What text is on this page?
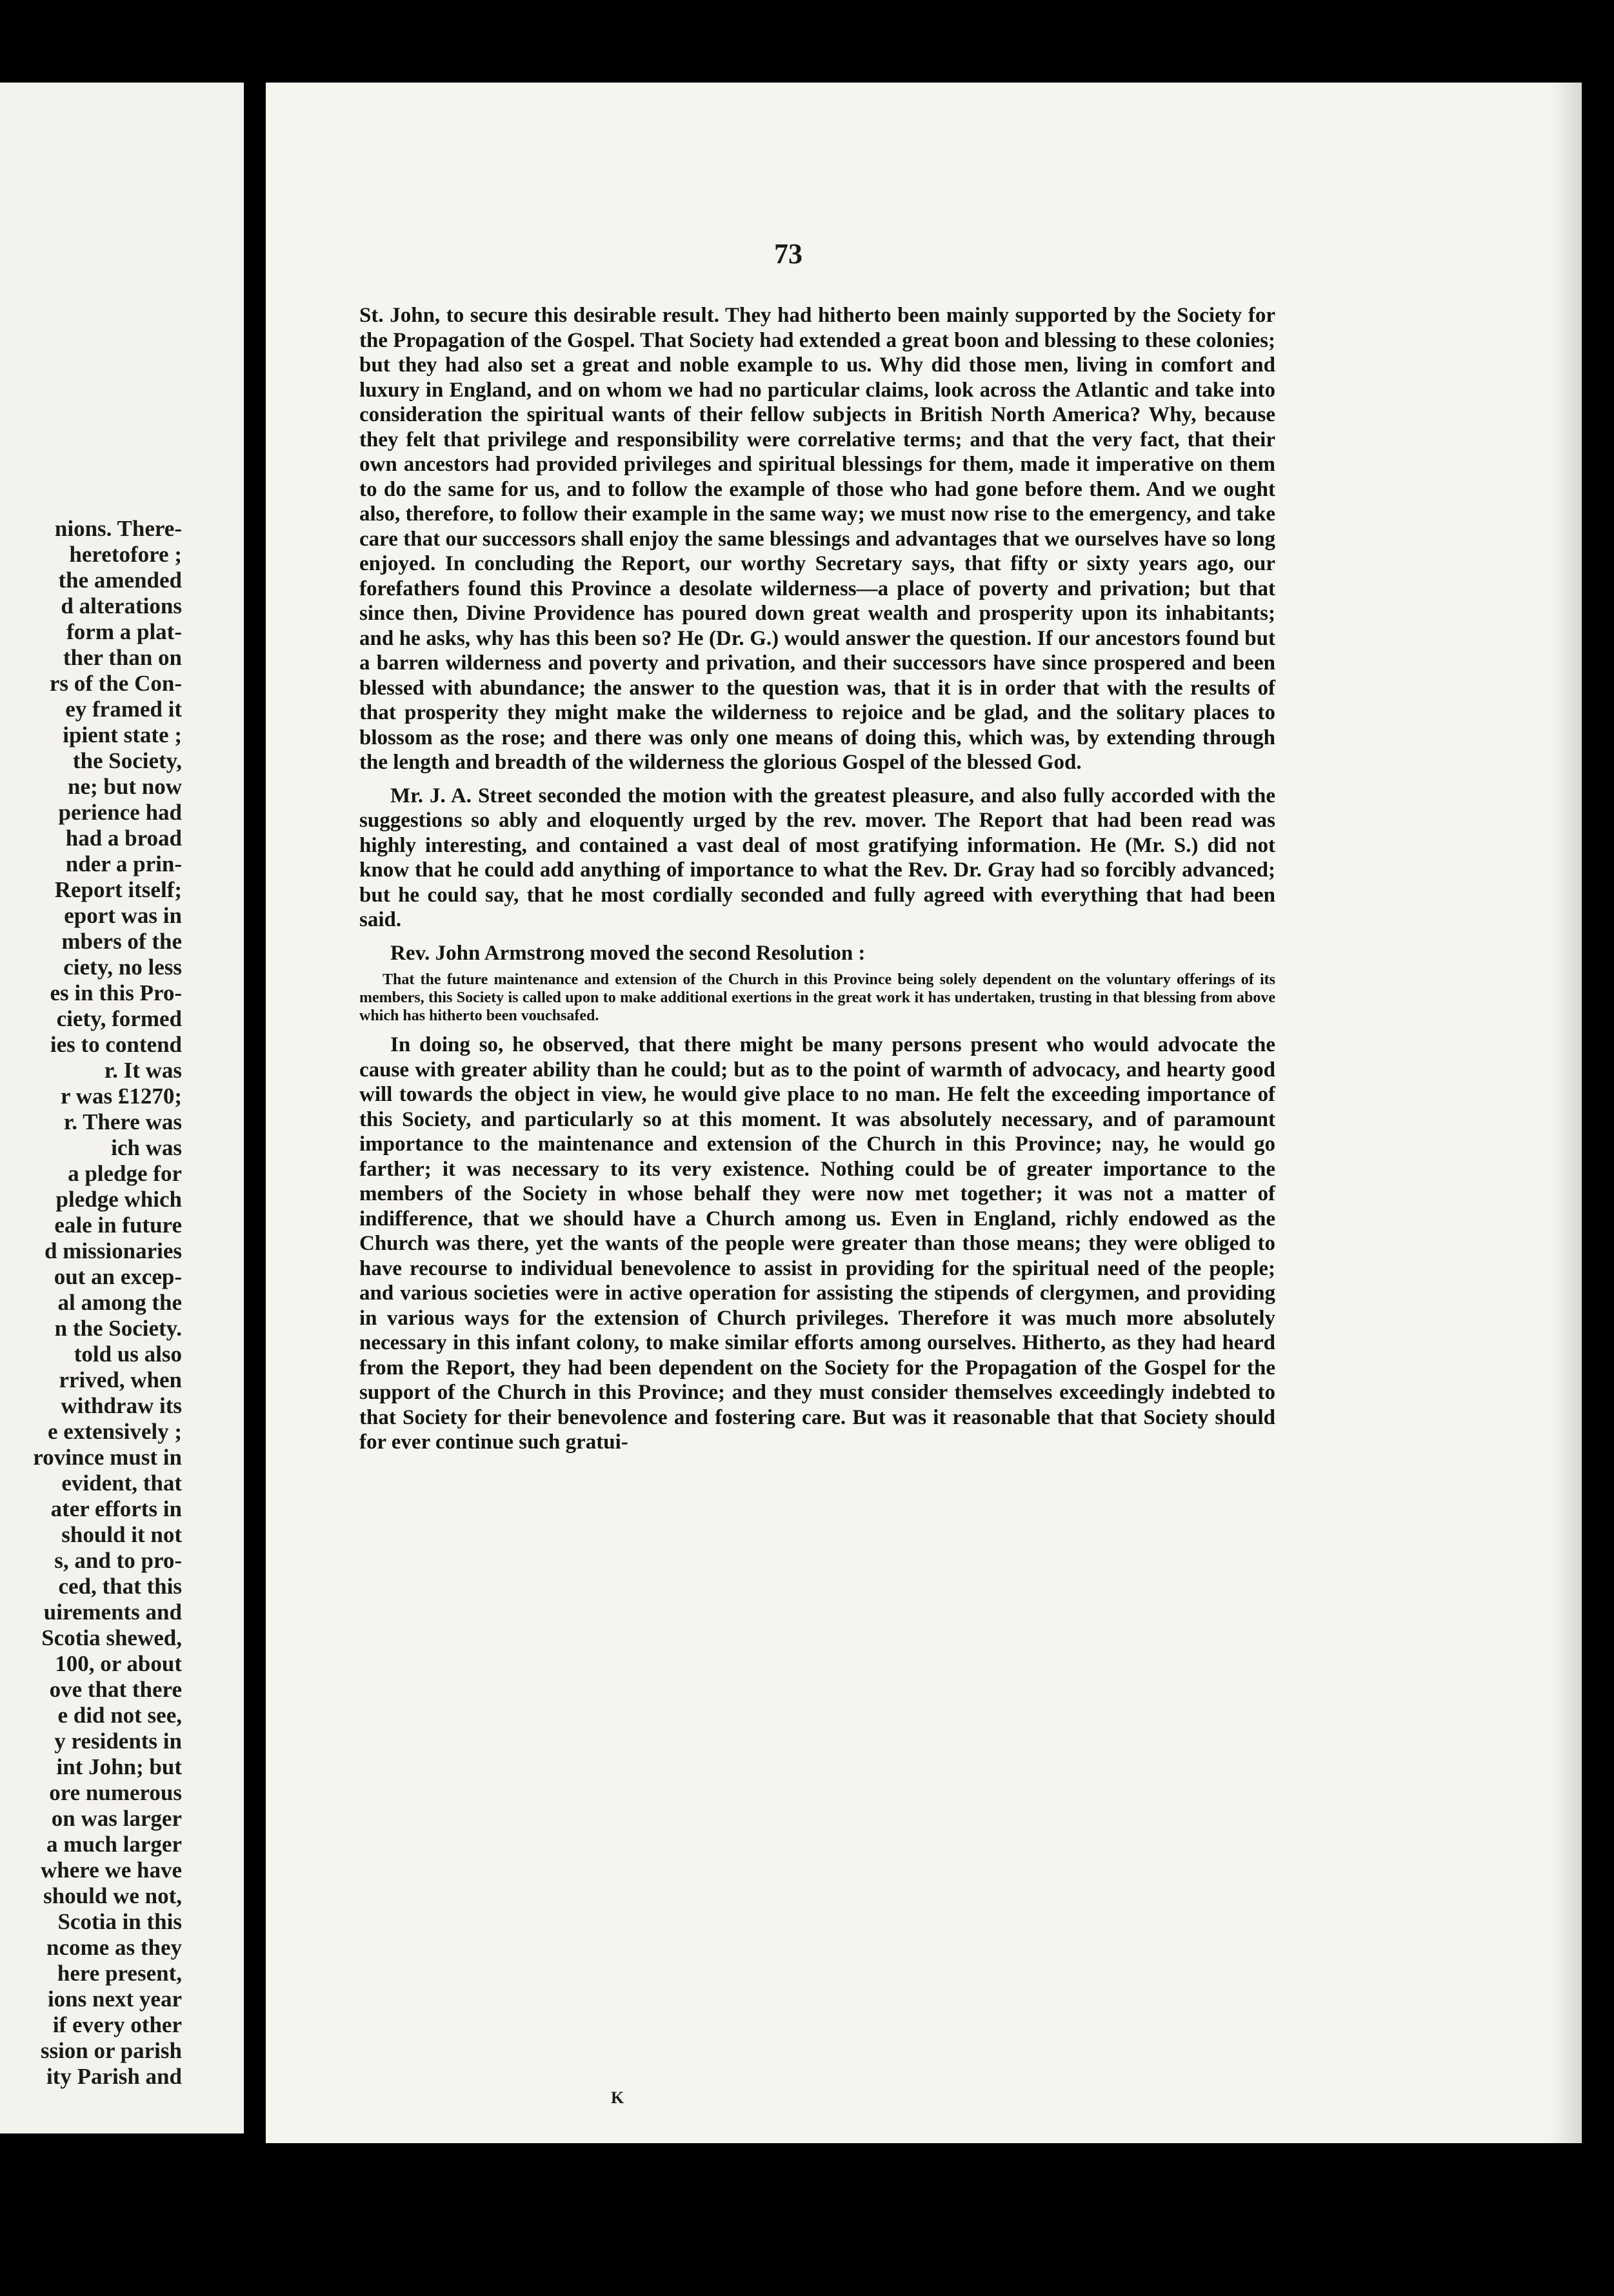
nions. There-
heretofore ;
the amended
d alterations
form a plat-
ther than on
rs of the Con-
ey framed it
ipient state ;
the Society,
ne; but now
perience had
had a broad
nder a prin-
Report itself;
eport was in
mbers of the
ciety, no less
es in this Pro-
ciety, formed
ies to contend
r. It was
r was £1270;
r. There was
ich was
a pledge for
pledge which
eale in future
d missionaries
out an excep-
al among the
n the Society.
told us also
rrived, when
withdraw its
e extensively ;
rovince must in
evident, that
ater efforts in
should it not
s, and to pro-
ced, that this
uirements and
Scotia shewed,
100, or about
ove that there
e did not see,
y residents in
int John; but
ore numerous
on was larger
a much larger
where we have
should we not,
Scotia in this
ncome as they
here present,
ions next year
if every other
ssion or parish
ity Parish and
73

St. John, to secure this desirable result. They had hitherto been mainly supported by the Society for the Propagation of the Gospel. That Society had extended a great boon and blessing to these colonies; but they had also set a great and noble example to us. Why did those men, living in comfort and luxury in England, and on whom we had no particular claims, look across the Atlantic and take into consideration the spiritual wants of their fellow subjects in British North America? Why, because they felt that privilege and responsibility were correlative terms; and that the very fact, that their own ancestors had provided privileges and spiritual blessings for them, made it imperative on them to do the same for us, and to follow the example of those who had gone before them. And we ought also, therefore, to follow their example in the same way; we must now rise to the emergency, and take care that our successors shall enjoy the same blessings and advantages that we ourselves have so long enjoyed. In concluding the Report, our worthy Secretary says, that fifty or sixty years ago, our forefathers found this Province a desolate wilderness—a place of poverty and privation; but that since then, Divine Providence has poured down great wealth and prosperity upon its inhabitants; and he asks, why has this been so? He (Dr. G.) would answer the question. If our ancestors found but a barren wilderness and poverty and privation, and their successors have since prospered and been blessed with abundance; the answer to the question was, that it is in order that with the results of that prosperity they might make the wilderness to rejoice and be glad, and the solitary places to blossom as the rose; and there was only one means of doing this, which was, by extending through the length and breadth of the wilderness the glorious Gospel of the blessed God.

Mr. J. A. Street seconded the motion with the greatest pleasure, and also fully accorded with the suggestions so ably and eloquently urged by the rev. mover. The Report that had been read was highly interesting, and contained a vast deal of most gratifying information. He (Mr. S.) did not know that he could add anything of importance to what the Rev. Dr. Gray had so forcibly advanced; but he could say, that he most cordially seconded and fully agreed with everything that had been said.

Rev. John Armstrong moved the second Resolution :

That the future maintenance and extension of the Church in this Province being solely dependent on the voluntary offerings of its members, this Society is called upon to make additional exertions in the great work it has undertaken, trusting in that blessing from above which has hitherto been vouchsafed.

In doing so, he observed, that there might be many persons present who would advocate the cause with greater ability than he could; but as to the point of warmth of advocacy, and hearty good will towards the object in view, he would give place to no man. He felt the exceeding importance of this Society, and particularly so at this moment. It was absolutely necessary, and of paramount importance to the maintenance and extension of the Church in this Province; nay, he would go farther; it was necessary to its very existence. Nothing could be of greater importance to the members of the Society in whose behalf they were now met together; it was not a matter of indifference, that we should have a Church among us. Even in England, richly endowed as the Church was there, yet the wants of the people were greater than those means; they were obliged to have recourse to individual benevolence to assist in providing for the spiritual need of the people; and various societies were in active operation for assisting the stipends of clergymen, and providing in various ways for the extension of Church privileges. Therefore it was much more absolutely necessary in this infant colony, to make similar efforts among ourselves. Hitherto, as they had heard from the Report, they had been dependent on the Society for the Propagation of the Gospel for the support of the Church in this Province; and they must consider themselves exceedingly indebted to that Society for their benevolence and fostering care. But was it reasonable that that Society should for ever continue such gratui-

K
